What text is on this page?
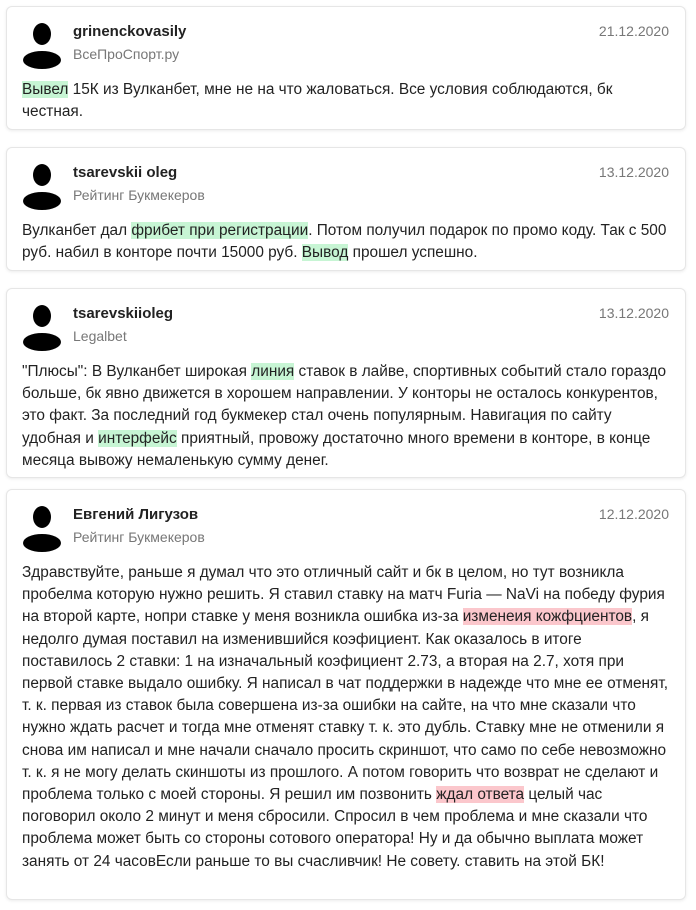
grinenckovasily
ВсеПроСпорт.ру
21.12.2020
Вывел 15К из Вулканбет, мне не на что жаловаться. Все условия соблюдаются, бк честная.
tsarevskii oleg
Рейтинг Букмекеров
13.12.2020
Вулканбет дал фрибет при регистрации. Потом получил подарок по промо коду. Так с 500 руб. набил в конторе почти 15000 руб. Вывод прошел успешно.
tsarevskiioleg
Legalbet
13.12.2020
"Плюсы": В Вулканбет широкая линия ставок в лайве, спортивных событий стало гораздо больше, бк явно движется в хорошем направлении. У конторы не осталось конкурентов, это факт. За последний год букмекер стал очень популярным. Навигация по сайту удобная и интерфейс приятный, провожу достаточно много времени в конторе, в конце месяца вывожу немаленькую сумму денег.
Евгений Лигузов
Рейтинг Букмекеров
12.12.2020
Здравствуйте, раньше я думал что это отличный сайт и бк в целом, но тут возникла пробелма которую нужно решить. Я ставил ставку на матч Furia — NaVi на победу фурия на второй карте, нопри ставке у меня возникла ошибка из-за изменеия кожфциентов, я недолго думая поставил на изменившийся коэфициент. Как оказалось в итоге поставилось 2 ставки: 1 на изначальный коэфициент 2.73, а вторая на 2.7, хотя при первой ставке выдало ошибку. Я написал в чат поддержки в надежде что мне ее отменят, т. к. первая из ставок была совершена из-за ошибки на сайте, на что мне сказали что нужно ждать расчет и тогда мне отменят ставку т. к. это дубль. Ставку мне не отменили я снова им написал и мне начали сначало просить скриншот, что само по себе невозможно т. к. я не могу делать скиншоты из прошлого. А потом говорить что возврат не сделают и проблема только с моей стороны. Я решил им позвонить ждал ответа целый час поговорил около 2 минут и меня сбросили. Спросил в чем проблема и мне сказали что проблема может быть со стороны сотового оператора! Ну и да обычно выплата может занять от 24 часовЕсли раньше то вы счасливчик! Не совету. ставить на этой БК!
